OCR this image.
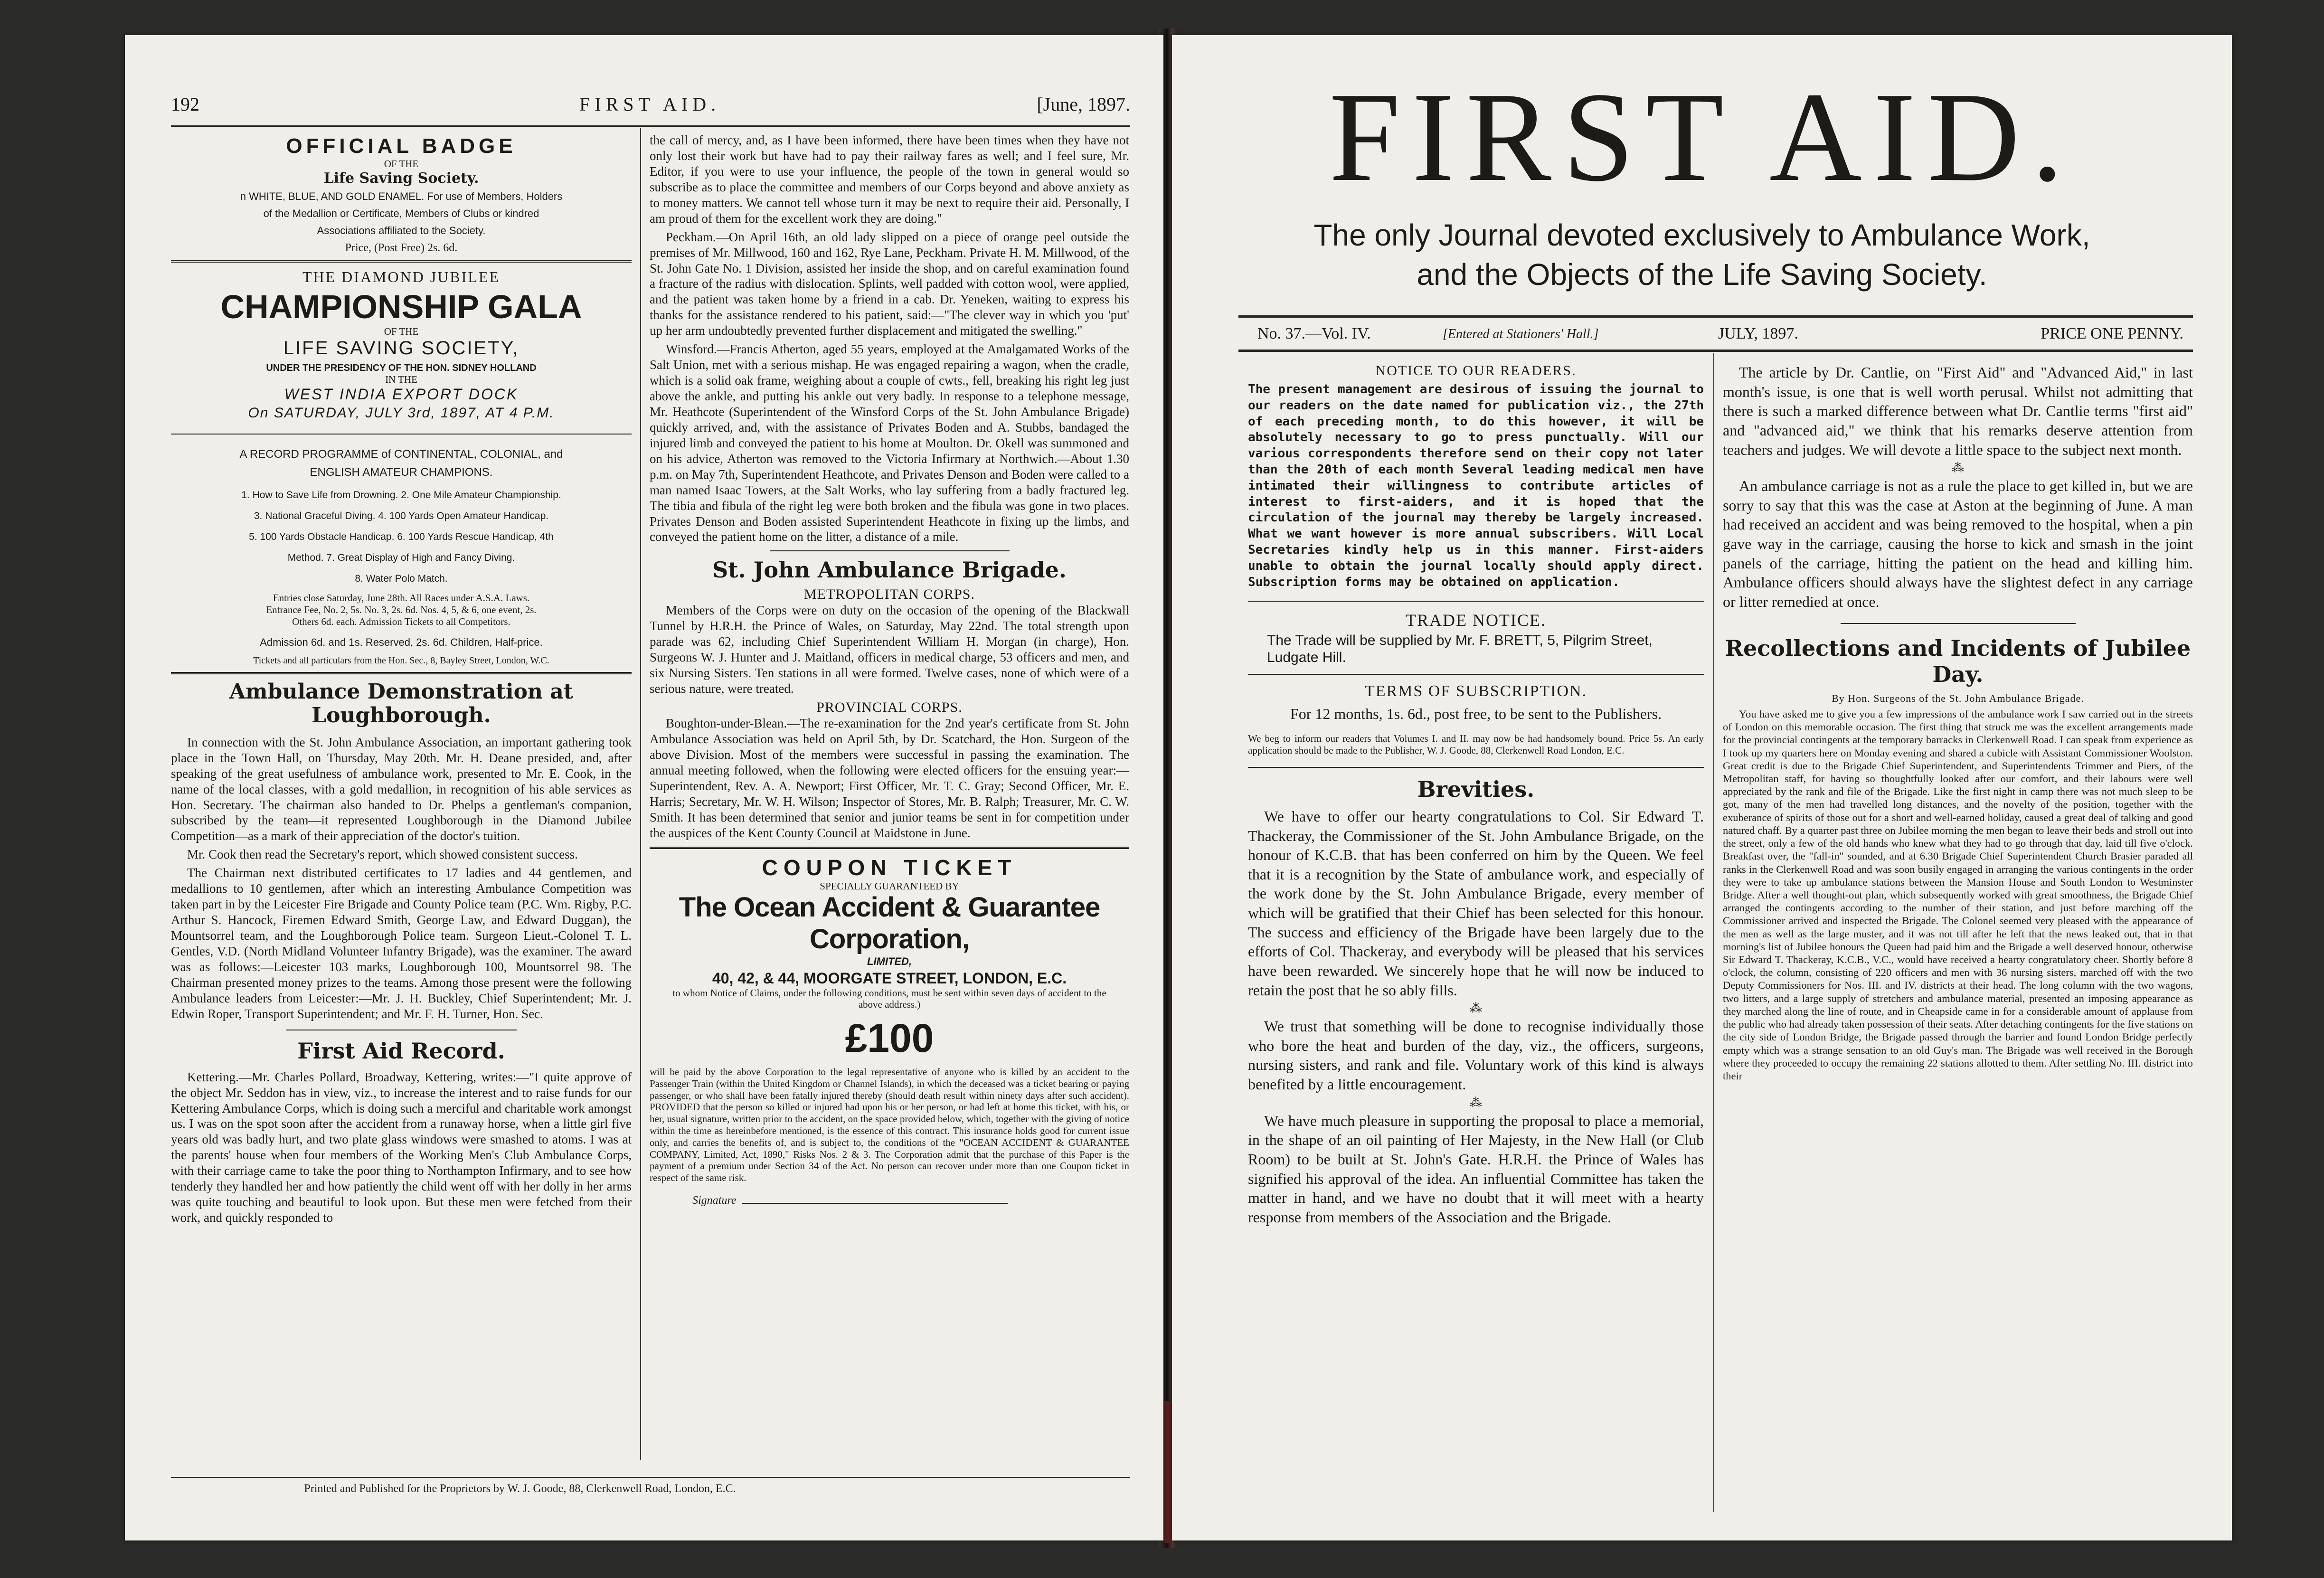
192	FIRST AID.	[June, 1897.
OFFICIAL BADGE
OF THE
Life Saving Society.
n WHITE, BLUE, AND GOLD ENAMEL. For use of Members, Holders
of the Medallion or Certificate, Members of Clubs or kindred
Associations affiliated to the Society.
Price, (Post Free) 2s. 6d.
THE DIAMOND JUBILEE
CHAMPIONSHIP GALA
OF THE
LIFE SAVING SOCIETY,
UNDER THE PRESIDENCY OF THE HON. SIDNEY HOLLAND
IN THE
WEST INDIA EXPORT DOCK
On SATURDAY, JULY 3rd, 1897, AT 4 P.M.
A RECORD PROGRAMME of CONTINENTAL, COLONIAL, and
ENGLISH AMATEUR CHAMPIONS.
1. How to Save Life from Drowning. 2. One Mile Amateur Championship.
3. National Graceful Diving. 4. 100 Yards Open Amateur Handicap.
5. 100 Yards Obstacle Handicap. 6. 100 Yards Rescue Handicap, 4th
Method. 7. Great Display of High and Fancy Diving.
8. Water Polo Match.
Entries close Saturday, June 28th. All Races under A.S.A. Laws.
Entrance Fee, No. 2, 5s. No. 3, 2s. 6d. Nos. 4, 5, & 6, one event, 2s.
Others 6d. each. Admission Tickets to all Competitors.
Admission 6d. and 1s. Reserved, 2s. 6d. Children, Half-price.
Tickets and all particulars from the Hon. Sec., 8, Bayley Street, London, W.C.
Ambulance Demonstration at Loughborough.

In connection with the St. John Ambulance Association, an important gathering took place in the Town Hall, on Thursday, May 20th. Mr. H. Deane presided, and, after speaking of the great usefulness of ambulance work, presented to Mr. E. Cook, in the name of the local classes, with a gold medallion, in recognition of his able services as Hon. Secretary. The chairman also handed to Dr. Phelps a gentleman's companion, subscribed by the team—it represented Loughborough in the Diamond Jubilee Competition—as a mark of their appreciation of the doctor's tuition.

Mr. Cook then read the Secretary's report, which showed consistent success.

The Chairman next distributed certificates to 17 ladies and 44 gentlemen, and medallions to 10 gentlemen, after which an interesting Ambulance Competition was taken part in by the Leicester Fire Brigade and County Police team (P.C. Wm. Rigby, P.C. Arthur S. Hancock, Firemen Edward Smith, George Law, and Edward Duggan), the Mountsorrel team, and the Loughborough Police team. Surgeon Lieut.-Colonel T. L. Gentles, V.D. (North Midland Volunteer Infantry Brigade), was the examiner. The award was as follows:—Leicester 103 marks, Loughborough 100, Mountsorrel 98. The Chairman presented money prizes to the teams. Among those present were the following Ambulance leaders from Leicester:—Mr. J. H. Buckley, Chief Superintendent; Mr. J. Edwin Roper, Transport Superintendent; and Mr. F. H. Turner, Hon. Sec.

First Aid Record.

Kettering.—Mr. Charles Pollard, Broadway, Kettering, writes:—"I quite approve of the object Mr. Seddon has in view, viz., to increase the interest and to raise funds for our Kettering Ambulance Corps, which is doing such a merciful and charitable work amongst us. I was on the spot soon after the accident from a runaway horse, when a little girl five years old was badly hurt, and two plate glass windows were smashed to atoms. I was at the parents' house when four members of the Working Men's Club Ambulance Corps, with their carriage came to take the poor thing to Northampton Infirmary, and to see how tenderly they handled her and how patiently the child went off with her dolly in her arms was quite touching and beautiful to look upon. But these men were fetched from their work, and quickly responded to

the call of mercy, and, as I have been informed, there have been times when they have not only lost their work but have had to pay their railway fares as well; and I feel sure, Mr. Editor, if you were to use your influence, the people of the town in general would so subscribe as to place the committee and members of our Corps beyond and above anxiety as to money matters. We cannot tell whose turn it may be next to require their aid. Personally, I am proud of them for the excellent work they are doing."

Peckham.—On April 16th, an old lady slipped on a piece of orange peel outside the premises of Mr. Millwood, 160 and 162, Rye Lane, Peckham. Private H. M. Millwood, of the St. John Gate No. 1 Division, assisted her inside the shop, and on careful examination found a fracture of the radius with dislocation. Splints, well padded with cotton wool, were applied, and the patient was taken home by a friend in a cab. Dr. Yeneken, waiting to express his thanks for the assistance rendered to his patient, said:—"The clever way in which you 'put' up her arm undoubtedly prevented further displacement and mitigated the swelling."

Winsford.—Francis Atherton, aged 55 years, employed at the Amalgamated Works of the Salt Union, met with a serious mishap. He was engaged repairing a wagon, when the cradle, which is a solid oak frame, weighing about a couple of cwts., fell, breaking his right leg just above the ankle, and putting his ankle out very badly. In response to a telephone message, Mr. Heathcote (Superintendent of the Winsford Corps of the St. John Ambulance Brigade) quickly arrived, and, with the assistance of Privates Boden and A. Stubbs, bandaged the injured limb and conveyed the patient to his home at Moulton. Dr. Okell was summoned and on his advice, Atherton was removed to the Victoria Infirmary at Northwich.—About 1.30 p.m. on May 7th, Superintendent Heathcote, and Privates Denson and Boden were called to a man named Isaac Towers, at the Salt Works, who lay suffering from a badly fractured leg. The tibia and fibula of the right leg were both broken and the fibula was gone in two places. Privates Denson and Boden assisted Superintendent Heathcote in fixing up the limbs, and conveyed the patient home on the litter, a distance of a mile.

St. John Ambulance Brigade.
METROPOLITAN CORPS.

Members of the Corps were on duty on the occasion of the opening of the Blackwall Tunnel by H.R.H. the Prince of Wales, on Saturday, May 22nd. The total strength upon parade was 62, including Chief Superintendent William H. Morgan (in charge), Hon. Surgeons W. J. Hunter and J. Maitland, officers in medical charge, 53 officers and men, and six Nursing Sisters. Ten stations in all were formed. Twelve cases, none of which were of a serious nature, were treated.

PROVINCIAL CORPS.

Boughton-under-Blean.—The re-examination for the 2nd year's certificate from St. John Ambulance Association was held on April 5th, by Dr. Scatchard, the Hon. Surgeon of the above Division. Most of the members were successful in passing the examination. The annual meeting followed, when the following were elected officers for the ensuing year:—Superintendent, Rev. A. A. Newport; First Officer, Mr. T. C. Gray; Second Officer, Mr. E. Harris; Secretary, Mr. W. H. Wilson; Inspector of Stores, Mr. B. Ralph; Treasurer, Mr. C. W. Smith. It has been determined that senior and junior teams be sent in for competition under the auspices of the Kent County Council at Maidstone in June.

COUPON TICKET
SPECIALLY GUARANTEED BY
The Ocean Accident & Guarantee Corporation,
LIMITED,
40, 42, & 44, MOORGATE STREET, LONDON, E.C.
to whom Notice of Claims, under the following conditions, must be sent within seven days of accident to the above address.)
£100
will be paid by the above Corporation to the legal representative of anyone who is killed by an accident to the Passenger Train (within the United Kingdom or Channel Islands), in which the deceased was a ticket bearing or paying passenger, or who shall have been fatally injured thereby (should death result within ninety days after such accident). PROVIDED that the person so killed or injured had upon his or her person, or had left at home this ticket, with his, or her, usual signature, written prior to the accident, on the space provided below, which, together with the giving of notice within the time as hereinbefore mentioned, is the essence of this contract. This insurance holds good for current issue only, and carries the benefits of, and is subject to, the conditions of the "OCEAN ACCIDENT & GUARANTEE COMPANY, Limited, Act, 1890," Risks Nos. 2 & 3. The Corporation admit that the purchase of this Paper is the payment of a premium under Section 34 of the Act. No person can recover under more than one Coupon ticket in respect of the same risk.
Signature
Printed and Published for the Proprietors by W. J. Goode, 88, Clerkenwell Road, London, E.C.
FIRST AID.
The only Journal devoted exclusively to Ambulance Work,
and the Objects of the Life Saving Society.
No. 37.—Vol. IV.	[Entered at Stationers' Hall.]	JULY, 1897.	PRICE ONE PENNY.
NOTICE TO OUR READERS.
The present management are desirous of issuing the journal to our readers on the date named for publication viz., the 27th of each preceding month, to do this however, it will be absolutely necessary to go to press punctually. Will our various correspondents therefore send on their copy not later than the 20th of each month Several leading medical men have intimated their willingness to contribute articles of interest to first-aiders, and it is hoped that the circulation of the journal may thereby be largely increased. What we want however is more annual subscribers. Will Local Secretaries kindly help us in this manner. First-aiders unable to obtain the journal locally should apply direct. Subscription forms may be obtained on application.
TRADE NOTICE.
The Trade will be supplied by Mr. F. BRETT, 5, Pilgrim Street, Ludgate Hill.
TERMS OF SUBSCRIPTION.
For 12 months, 1s. 6d., post free, to be sent to the Publishers.
We beg to inform our readers that Volumes I. and II. may now be had handsomely bound. Price 5s. An early application should be made to the Publisher, W. J. Goode, 88, Clerkenwell Road London, E.C.
Brevities.

We have to offer our hearty congratulations to Col. Sir Edward T. Thackeray, the Commissioner of the St. John Ambulance Brigade, on the honour of K.C.B. that has been conferred on him by the Queen. We feel that it is a recognition by the State of ambulance work, and especially of the work done by the St. John Ambulance Brigade, every member of which will be gratified that their Chief has been selected for this honour. The success and efficiency of the Brigade have been largely due to the efforts of Col. Thackeray, and everybody will be pleased that his services have been rewarded. We sincerely hope that he will now be induced to retain the post that he so ably fills.

⁂

We trust that something will be done to recognise individually those who bore the heat and burden of the day, viz., the officers, surgeons, nursing sisters, and rank and file. Voluntary work of this kind is always benefited by a little encouragement.

⁂

We have much pleasure in supporting the proposal to place a memorial, in the shape of an oil painting of Her Majesty, in the New Hall (or Club Room) to be built at St. John's Gate. H.R.H. the Prince of Wales has signified his approval of the idea. An influential Committee has taken the matter in hand, and we have no doubt that it will meet with a hearty response from members of the Association and the Brigade.

The article by Dr. Cantlie, on "First Aid" and "Advanced Aid," in last month's issue, is one that is well worth perusal. Whilst not admitting that there is such a marked difference between what Dr. Cantlie terms "first aid" and "advanced aid," we think that his remarks deserve attention from teachers and judges. We will devote a little space to the subject next month.

⁂

An ambulance carriage is not as a rule the place to get killed in, but we are sorry to say that this was the case at Aston at the beginning of June. A man had received an accident and was being removed to the hospital, when a pin gave way in the carriage, causing the horse to kick and smash in the joint panels of the carriage, hitting the patient on the head and killing him. Ambulance officers should always have the slightest defect in any carriage or litter remedied at once.

Recollections and Incidents of Jubilee Day.
By Hon. Surgeons of the St. John Ambulance Brigade.

You have asked me to give you a few impressions of the ambulance work I saw carried out in the streets of London on this memorable occasion. The first thing that struck me was the excellent arrangements made for the provincial contingents at the temporary barracks in Clerkenwell Road. I can speak from experience as I took up my quarters here on Monday evening and shared a cubicle with Assistant Commissioner Woolston. Great credit is due to the Brigade Chief Superintendent, and Superintendents Trimmer and Piers, of the Metropolitan staff, for having so thoughtfully looked after our comfort, and their labours were well appreciated by the rank and file of the Brigade. Like the first night in camp there was not much sleep to be got, many of the men had travelled long distances, and the novelty of the position, together with the exuberance of spirits of those out for a short and well-earned holiday, caused a great deal of talking and good natured chaff. By a quarter past three on Jubilee morning the men began to leave their beds and stroll out into the street, only a few of the old hands who knew what they had to go through that day, laid till five o'clock. Breakfast over, the "fall-in" sounded, and at 6.30 Brigade Chief Superintendent Church Brasier paraded all ranks in the Clerkenwell Road and was soon busily engaged in arranging the various contingents in the order they were to take up ambulance stations between the Mansion House and South London to Westminster Bridge. After a well thought-out plan, which subsequently worked with great smoothness, the Brigade Chief arranged the contingents according to the number of their station, and just before marching off the Commissioner arrived and inspected the Brigade. The Colonel seemed very pleased with the appearance of the men as well as the large muster, and it was not till after he left that the news leaked out, that in that morning's list of Jubilee honours the Queen had paid him and the Brigade a well deserved honour, otherwise Sir Edward T. Thackeray, K.C.B., V.C., would have received a hearty congratulatory cheer. Shortly before 8 o'clock, the column, consisting of 220 officers and men with 36 nursing sisters, marched off with the two Deputy Commissioners for Nos. III. and IV. districts at their head. The long column with the two wagons, two litters, and a large supply of stretchers and ambulance material, presented an imposing appearance as they marched along the line of route, and in Cheapside came in for a considerable amount of applause from the public who had already taken possession of their seats. After detaching contingents for the five stations on the city side of London Bridge, the Brigade passed through the barrier and found London Bridge perfectly empty which was a strange sensation to an old Guy's man. The Brigade was well received in the Borough where they proceeded to occupy the remaining 22 stations allotted to them. After settling No. III. district into their
